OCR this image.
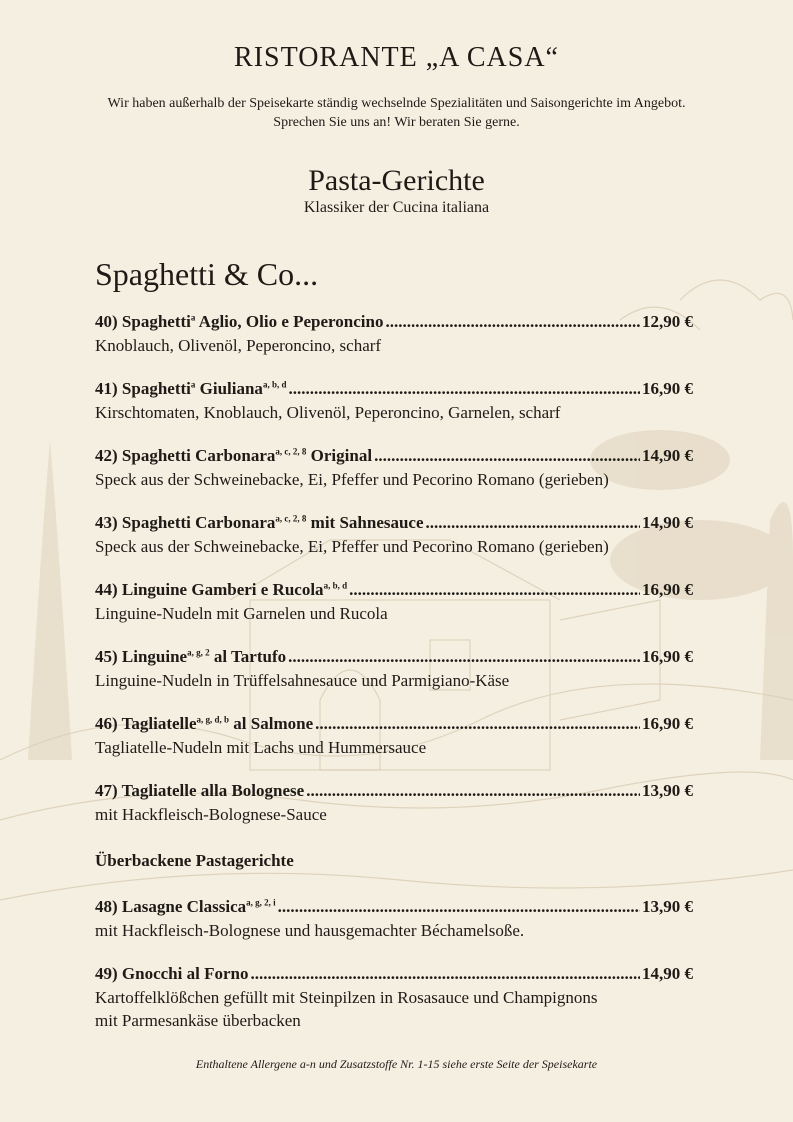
RISTORANTE „A CASA“
Wir haben außerhalb der Speisekarte ständig wechselnde Spezialitäten und Saisongerichte im Angebot.
Sprechen Sie uns an! Wir beraten Sie gerne.
Pasta-Gerichte
Klassiker der Cucina italiana
Spaghetti & Co...
40) Spaghetti$^a$ Aglio, Olio e Peperoncino .....	12,90 €
Knoblauch, Olivenöl, Peperoncino, scharf
41) Spaghetti$^a$ Giuliana$^{a, b, d}$ .....	16,90 €
Kirschtomaten, Knoblauch, Olivenöl, Peperoncino, Garnelen, scharf
42) Spaghetti Carbonara$^{a, c, 2, 8}$ Original .....	14,90 €
Speck aus der Schweinebacke, Ei, Pfeffer und Pecorino Romano (gerieben)
43) Spaghetti Carbonara$^{a, c, 2, 8}$ mit Sahnesauce .....	14,90 €
Speck aus der Schweinebacke, Ei, Pfeffer und Pecorino Romano (gerieben)
44) Linguine Gamberi e Rucola$^{a, b, d}$ .....	16,90 €
Linguine-Nudeln mit Garnelen und Rucola
45) Linguine$^{a, g, 2}$ al Tartufo .....	16,90 €
Linguine-Nudeln in Trüffelsahnesauce und Parmigiano-Käse
46) Tagliatelle$^{a, g, d, b}$ al Salmone .....	16,90 €
Tagliatelle-Nudeln mit Lachs und Hummersauce
47) Tagliatelle alla Bolognese .....	13,90 €
mit Hackfleisch-Bolognese-Sauce
Überbackene Pastagerichte
48) Lasagne Classica$^{a, g, 2, i}$ .....	13,90 €
mit Hackfleisch-Bolognese und hausgemachter Béchamelsoße.
49) Gnocchi al Forno .....	14,90 €
Kartoffelklößchen gefüllt mit Steinpilzen in Rosasauce und Champignons
mit Parmesankäse überbacken
Enthaltene Allergene a-n und Zusatzstoffe Nr. 1-15 siehe erste Seite der Speisekarte
